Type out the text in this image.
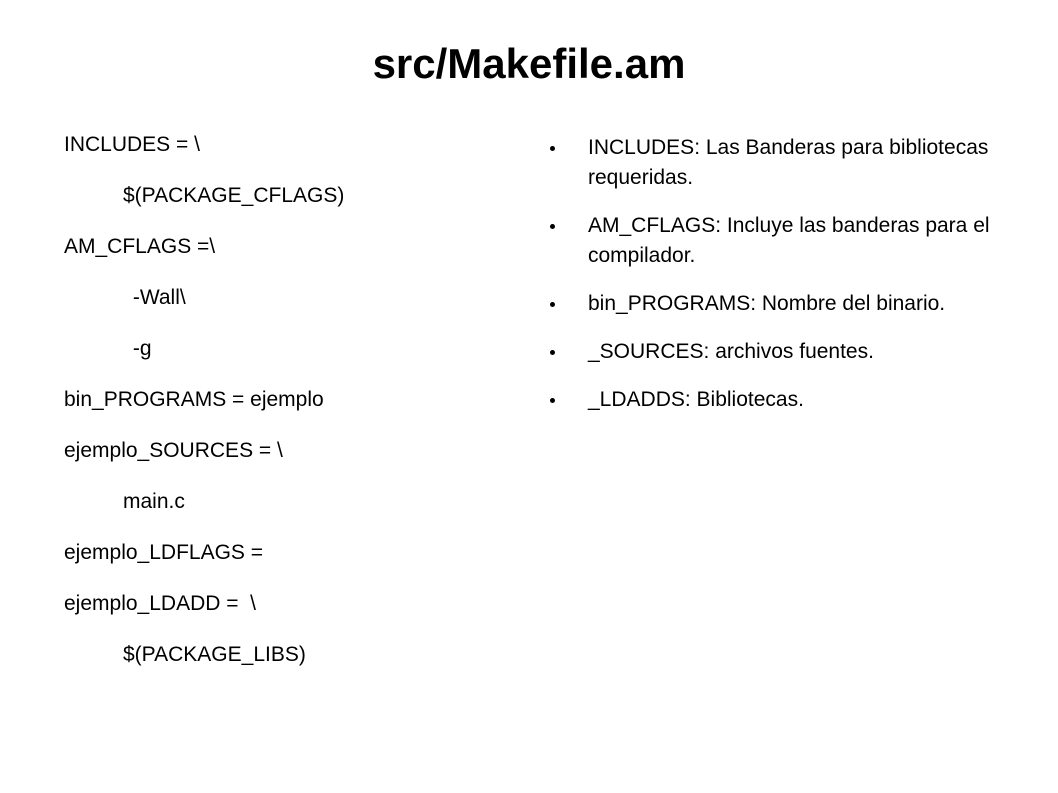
src/Makefile.am
INCLUDES = \
$(PACKAGE_CFLAGS)
AM_CFLAGS =\
-Wall\
-g
bin_PROGRAMS = ejemplo
ejemplo_SOURCES = \
main.c
ejemplo_LDFLAGS =
ejemplo_LDADD =  \
$(PACKAGE_LIBS)
INCLUDES: Las Banderas para bibliotecas requeridas.
AM_CFLAGS: Incluye las banderas para el compilador.
bin_PROGRAMS: Nombre del binario.
_SOURCES: archivos fuentes.
_LDADDS: Bibliotecas.
